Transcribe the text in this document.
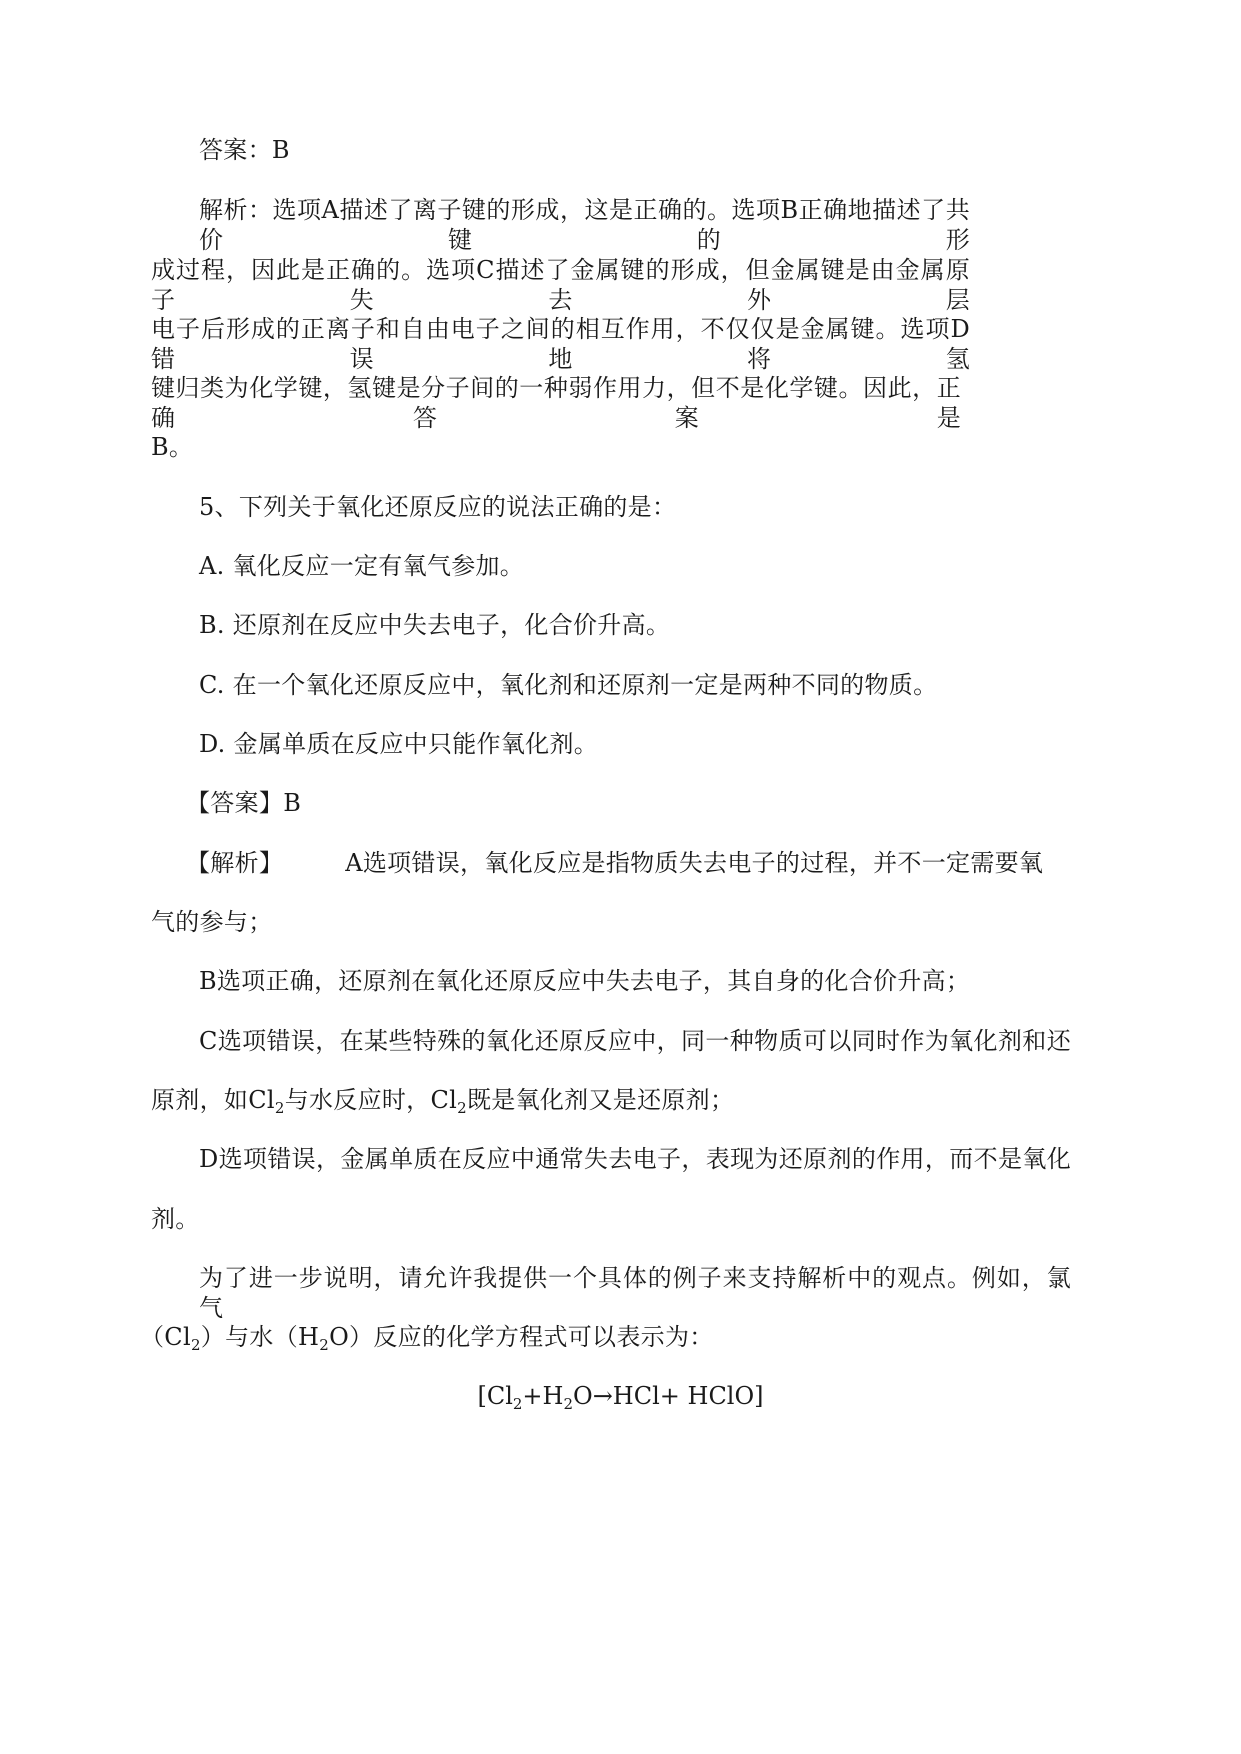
答案：B
解析：选项A描述了离子键的形成，这是正确的。选项B正确地描述了共价键的形
成过程，因此是正确的。选项C描述了金属键的形成，但金属键是由金属原子失去外层
电子后形成的正离子和自由电子之间的相互作用，不仅仅是金属键。选项D错误地将氢
键归类为化学键，氢键是分子间的一种弱作用力，但不是化学键。因此，正确答案是
B。
5、下列关于氧化还原反应的说法正确的是：
A. 氧化反应一定有氧气参加。
B. 还原剂在反应中失去电子，化合价升高。
C. 在一个氧化还原反应中，氧化剂和还原剂一定是两种不同的物质。
D. 金属单质在反应中只能作氧化剂。
【答案】B
【解析】	A选项错误，氧化反应是指物质失去电子的过程，并不一定需要氧
气的参与；
B选项正确，还原剂在氧化还原反应中失去电子，其自身的化合价升高；
C选项错误，在某些特殊的氧化还原反应中，同一种物质可以同时作为氧化剂和还
原剂，如$Cl_2$与水反应时，$Cl_2$既是氧化剂又是还原剂；
D选项错误，金属单质在反应中通常失去电子，表现为还原剂的作用，而不是氧化
剂。
为了进一步说明，请允许我提供一个具体的例子来支持解析中的观点。例如，氯气
$(Cl_2)$与水$(H_2O)$反应的化学方程式可以表示为：
[$Cl_2+H_2O\to HCl+$ HClO]
